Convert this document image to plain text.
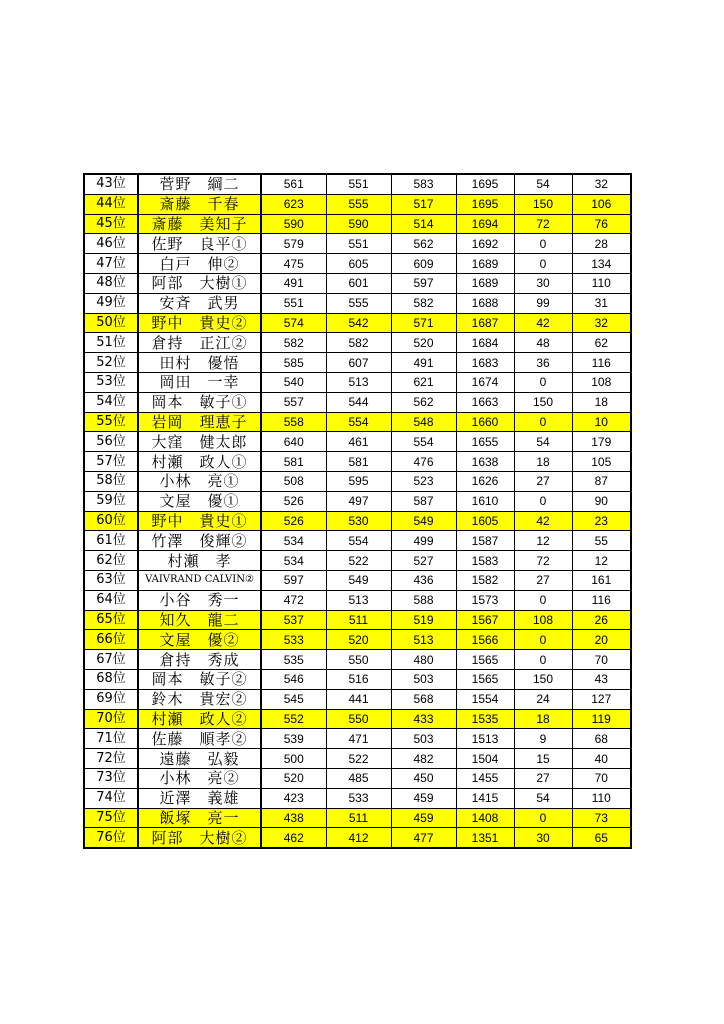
43位	菅野　綱二	561	551	583	1695	54	32
44位	斎藤　千春	623	555	517	1695	150	106
45位	斎藤　美知子	590	590	514	1694	72	76
46位	佐野　良平①	579	551	562	1692	0	28
47位	白戸　伸②	475	605	609	1689	0	134
48位	阿部　大樹①	491	601	597	1689	30	110
49位	安斉　武男	551	555	582	1688	99	31
50位	野中　貴史②	574	542	571	1687	42	32
51位	倉持　正江②	582	582	520	1684	48	62
52位	田村　優悟	585	607	491	1683	36	116
53位	岡田　一幸	540	513	621	1674	0	108
54位	岡本　敏子①	557	544	562	1663	150	18
55位	岩岡　理恵子	558	554	548	1660	0	10
56位	大窪　健太郎	640	461	554	1655	54	179
57位	村瀬　政人①	581	581	476	1638	18	105
58位	小林　亮①	508	595	523	1626	27	87
59位	文屋　優①	526	497	587	1610	0	90
60位	野中　貴史①	526	530	549	1605	42	23
61位	竹澤　俊輝②	534	554	499	1587	12	55
62位	村瀬　孝	534	522	527	1583	72	12
63位	VAIVRAND CALVIN②	597	549	436	1582	27	161
64位	小谷　秀一	472	513	588	1573	0	116
65位	知久　龍二	537	511	519	1567	108	26
66位	文屋　優②	533	520	513	1566	0	20
67位	倉持　秀成	535	550	480	1565	0	70
68位	岡本　敏子②	546	516	503	1565	150	43
69位	鈴木　貴宏②	545	441	568	1554	24	127
70位	村瀬　政人②	552	550	433	1535	18	119
71位	佐藤　順孝②	539	471	503	1513	9	68
72位	遠藤　弘毅	500	522	482	1504	15	40
73位	小林　亮②	520	485	450	1455	27	70
74位	近澤　義雄	423	533	459	1415	54	110
75位	飯塚　亮一	438	511	459	1408	0	73
76位	阿部　大樹②	462	412	477	1351	30	65
